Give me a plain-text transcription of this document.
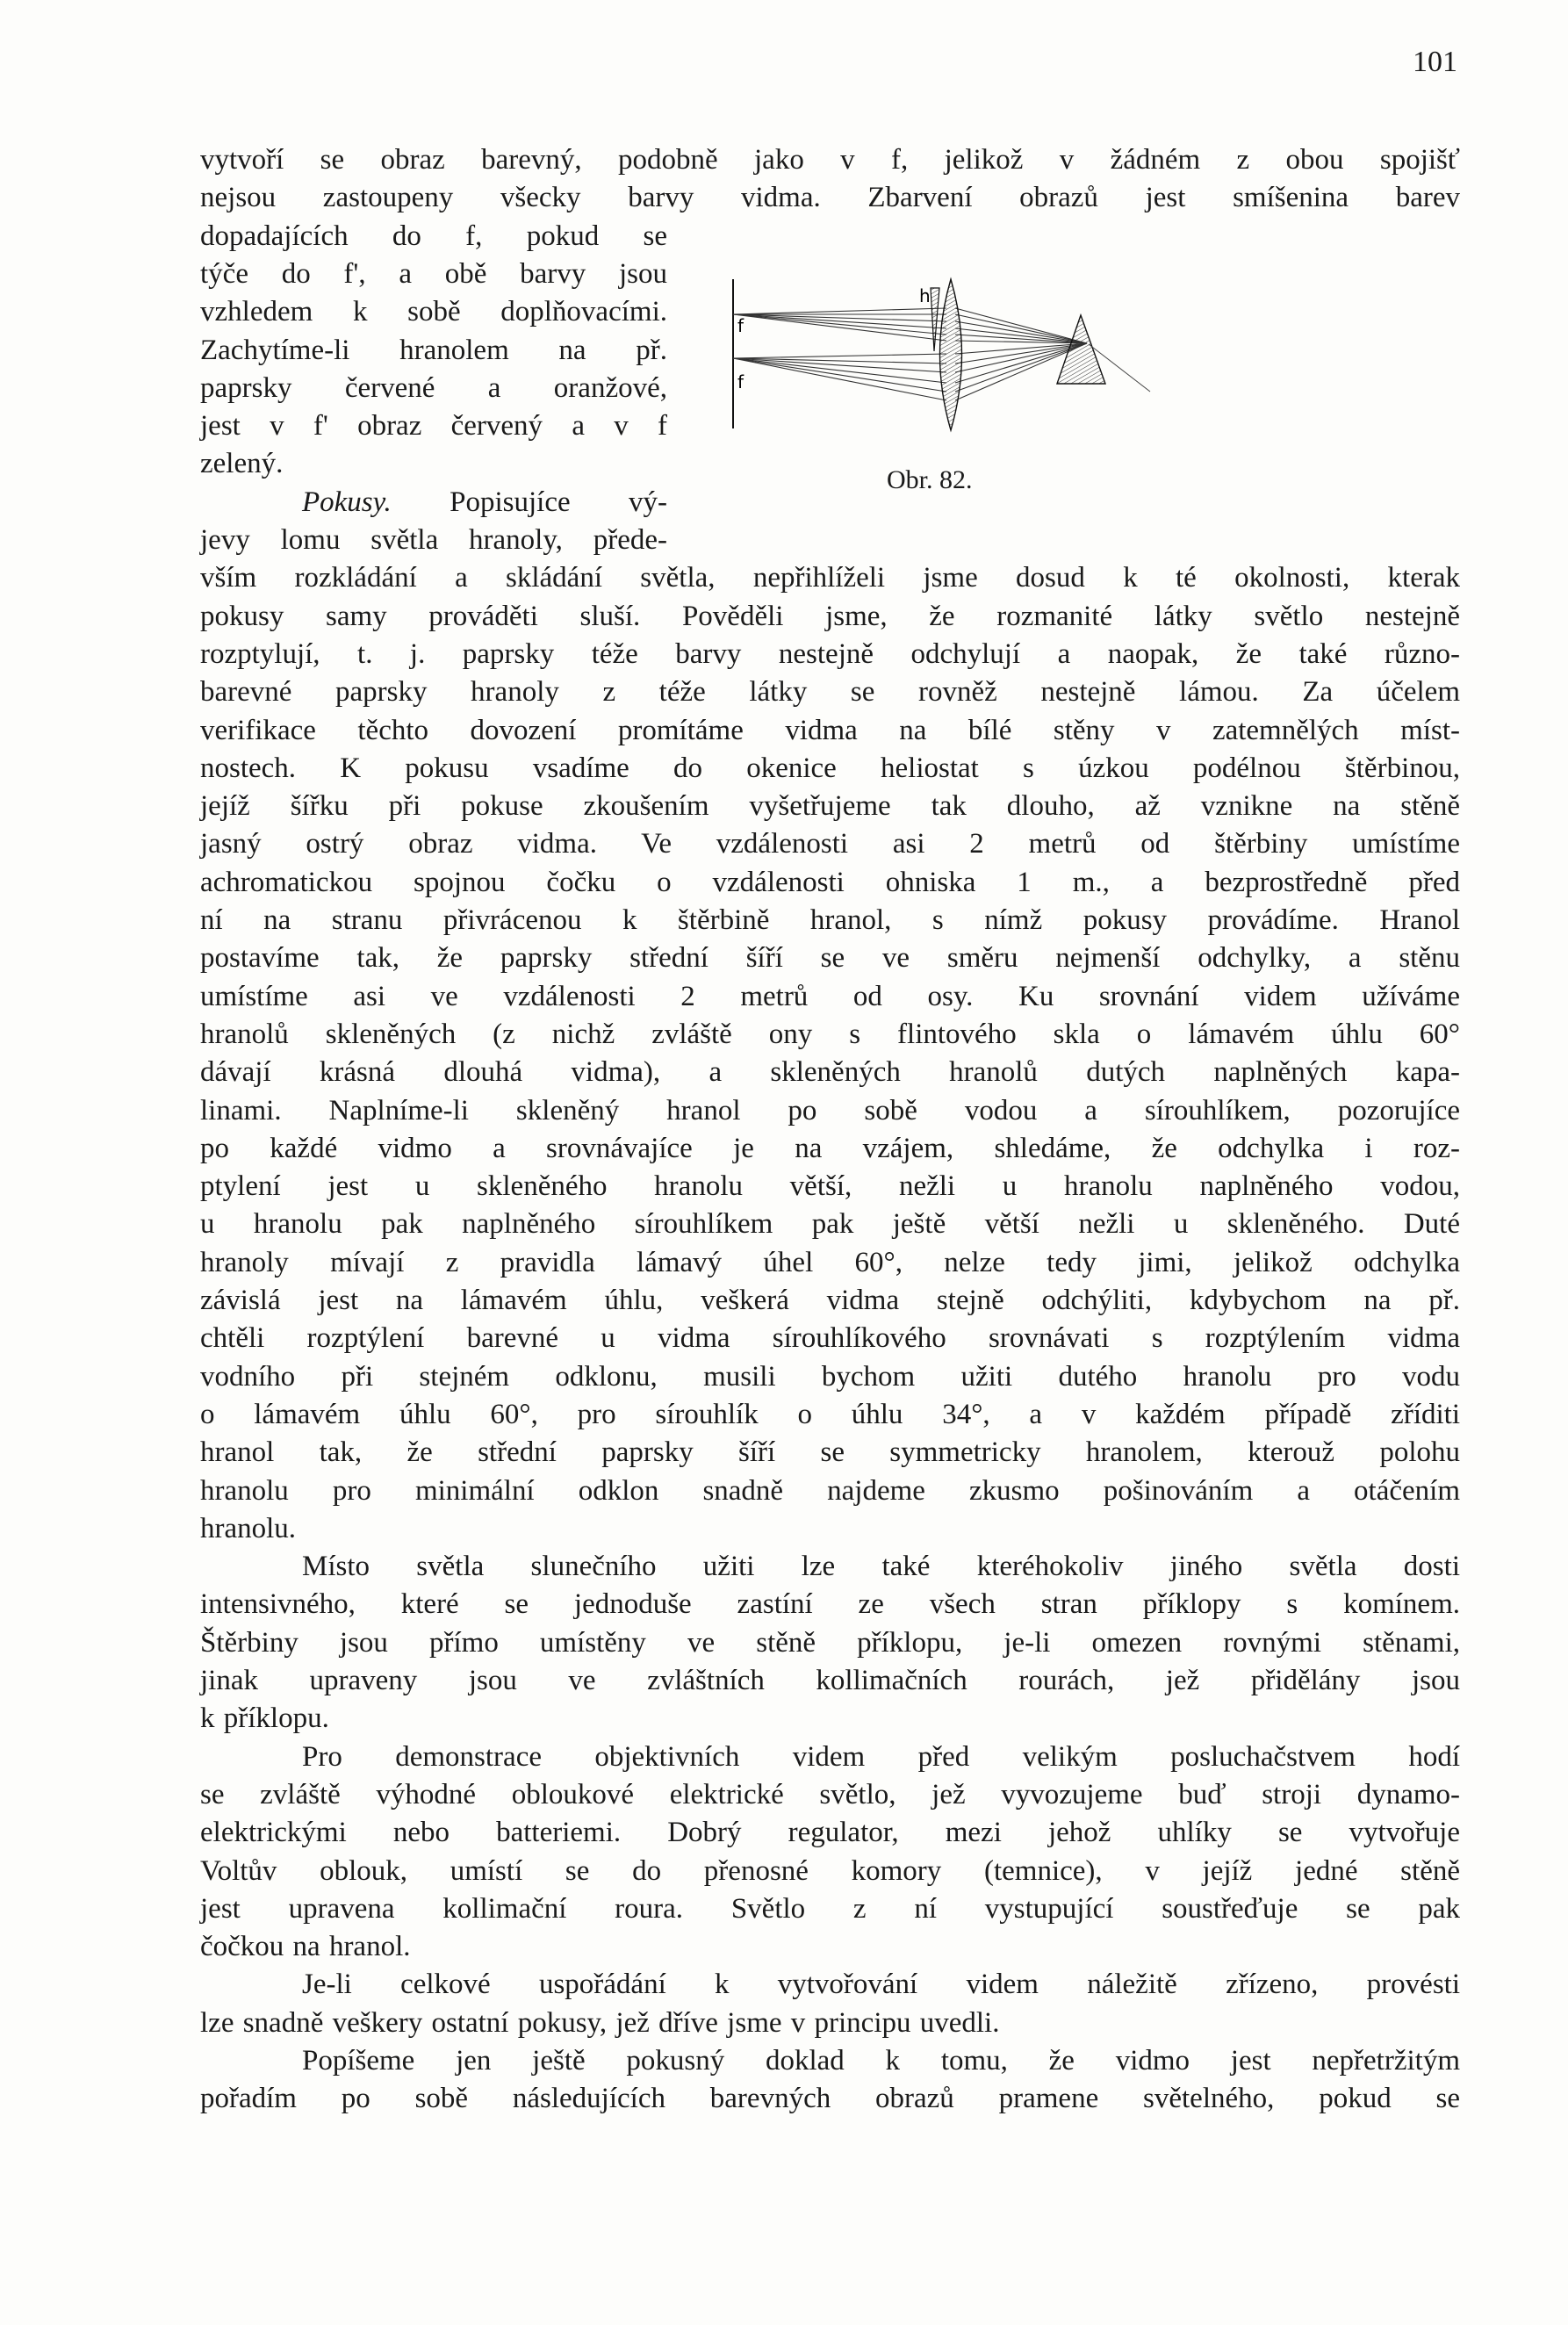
101
vytvoří se obraz barevný, podobně jako v f, jelikož v žádném z obou spojišť
nejsou zastoupeny všecky barvy vidma. Zbarvení obrazů jest smíšenina barev
dopadajících do f, pokud se
týče do f', a obě barvy jsou
vzhledem k sobě doplňovacími.
Zachytíme-li hranolem na př.
paprsky červené a oranžové,
jest v f' obraz červený a v f
zelený.
Pokusy. Popisujíce vý-
jevy lomu světla hranoly, přede-
vším rozkládání a skládání světla, nepřihlíželi jsme dosud k té okolnosti, kterak
pokusy samy prováděti sluší. Pověděli jsme, že rozmanité látky světlo nestejně
rozptylují, t. j. paprsky téže barvy nestejně odchylují a naopak, že také různo-
barevné paprsky hranoly z téže látky se rovněž nestejně lámou. Za účelem
verifikace těchto dovození promítáme vidma na bílé stěny v zatemnělých míst-
nostech. K pokusu vsadíme do okenice heliostat s úzkou podélnou štěrbinou,
jejíž šířku při pokuse zkoušením vyšetřujeme tak dlouho, až vznikne na stěně
jasný ostrý obraz vidma. Ve vzdálenosti asi 2 metrů od štěrbiny umístíme
achromatickou spojnou čočku o vzdálenosti ohniska 1 m., a bezprostředně před
ní na stranu přivrácenou k štěrbině hranol, s nímž pokusy provádíme. Hranol
postavíme tak, že paprsky střední šíří se ve směru nejmenší odchylky, a stěnu
umístíme asi ve vzdálenosti 2 metrů od osy. Ku srovnání videm užíváme
hranolů skleněných (z nichž zvláště ony s flintového skla o lámavém úhlu 60°
dávají krásná dlouhá vidma), a skleněných hranolů dutých naplněných kapa-
linami. Naplníme-li skleněný hranol po sobě vodou a sírouhlíkem, pozorujíce
po každé vidmo a srovnávajíce je na vzájem, shledáme, že odchylka i roz-
ptylení jest u skleněného hranolu větší, nežli u hranolu naplněného vodou,
u hranolu pak naplněného sírouhlíkem pak ještě větší nežli u skleněného. Duté
hranoly mívají z pravidla lámavý úhel 60°, nelze tedy jimi, jelikož odchylka
závislá jest na lámavém úhlu, veškerá vidma stejně odchýliti, kdybychom na př.
chtěli rozptýlení barevné u vidma sírouhlíkového srovnávati s rozptýlením vidma
vodního při stejném odklonu, musili bychom užiti dutého hranolu pro vodu
o lámavém úhlu 60°, pro sírouhlík o úhlu 34°, a v každém případě zříditi
hranol tak, že střední paprsky šíří se symmetricky hranolem, kterouž polohu
hranolu pro minimální odklon snadně najdeme zkusmo pošinováním a otáčením
hranolu.
Místo světla slunečního užiti lze také kteréhokoliv jiného světla dosti
intensivného, které se jednoduše zastíní ze všech stran příklopy s komínem.
Štěrbiny jsou přímo umístěny ve stěně příklopu, je-li omezen rovnými stěnami,
jinak upraveny jsou ve zvláštních kollimačních rourách, jež přidělány jsou
k příklopu.
Pro demonstrace objektivních videm před velikým posluchačstvem hodí
se zvláště výhodné obloukové elektrické světlo, jež vyvozujeme buď stroji dynamo-
elektrickými nebo batteriemi. Dobrý regulator, mezi jehož uhlíky se vytvořuje
Voltův oblouk, umístí se do přenosné komory (temnice), v jejíž jedné stěně
jest upravena kollimační roura. Světlo z ní vystupující soustřeďuje se pak
čočkou na hranol.
Je-li celkové uspořádání k vytvořování videm náležitě zřízeno, provésti
lze snadně veškery ostatní pokusy, jež dříve jsme v principu uvedli.
Popíšeme jen ještě pokusný doklad k tomu, že vidmo jest nepřetržitým
pořadím po sobě následujících barevných obrazů pramene světelného, pokud se
h
f
f
Obr. 82.
